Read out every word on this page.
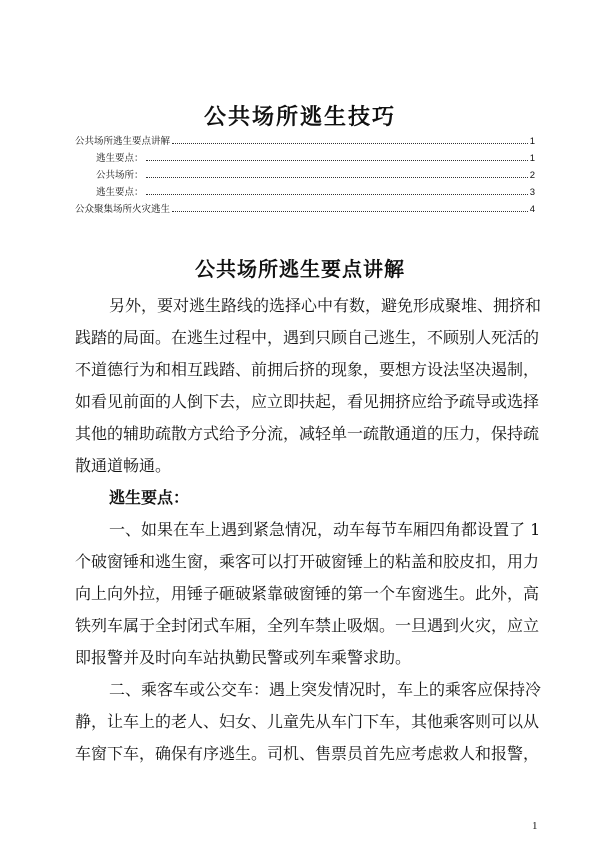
公共场所逃生技巧
公共场所逃生要点讲解	1
逃生要点：	1
公共场所：	2
逃生要点：	3
公众聚集场所火灾逃生	4
公共场所逃生要点讲解
另外，要对逃生路线的选择心中有数，避免形成聚堆、拥挤和
践踏的局面。在逃生过程中，遇到只顾自己逃生，不顾别人死活的
不道德行为和相互践踏、前拥后挤的现象，要想方设法坚决遏制，
如看见前面的人倒下去，应立即扶起，看见拥挤应给予疏导或选择
其他的辅助疏散方式给予分流，减轻单一疏散通道的压力，保持疏
散通道畅通。
逃生要点：
一、如果在车上遇到紧急情况，动车每节车厢四角都设置了 1
个破窗锤和逃生窗，乘客可以打开破窗锤上的粘盖和胶皮扣，用力
向上向外拉，用锤子砸破紧靠破窗锤的第一个车窗逃生。此外，高
铁列车属于全封闭式车厢，全列车禁止吸烟。一旦遇到火灾，应立
即报警并及时向车站执勤民警或列车乘警求助。
二、乘客车或公交车：遇上突发情况时，车上的乘客应保持冷
静，让车上的老人、妇女、儿童先从车门下车，其他乘客则可以从
车窗下车，确保有序逃生。司机、售票员首先应考虑救人和报警，
1
